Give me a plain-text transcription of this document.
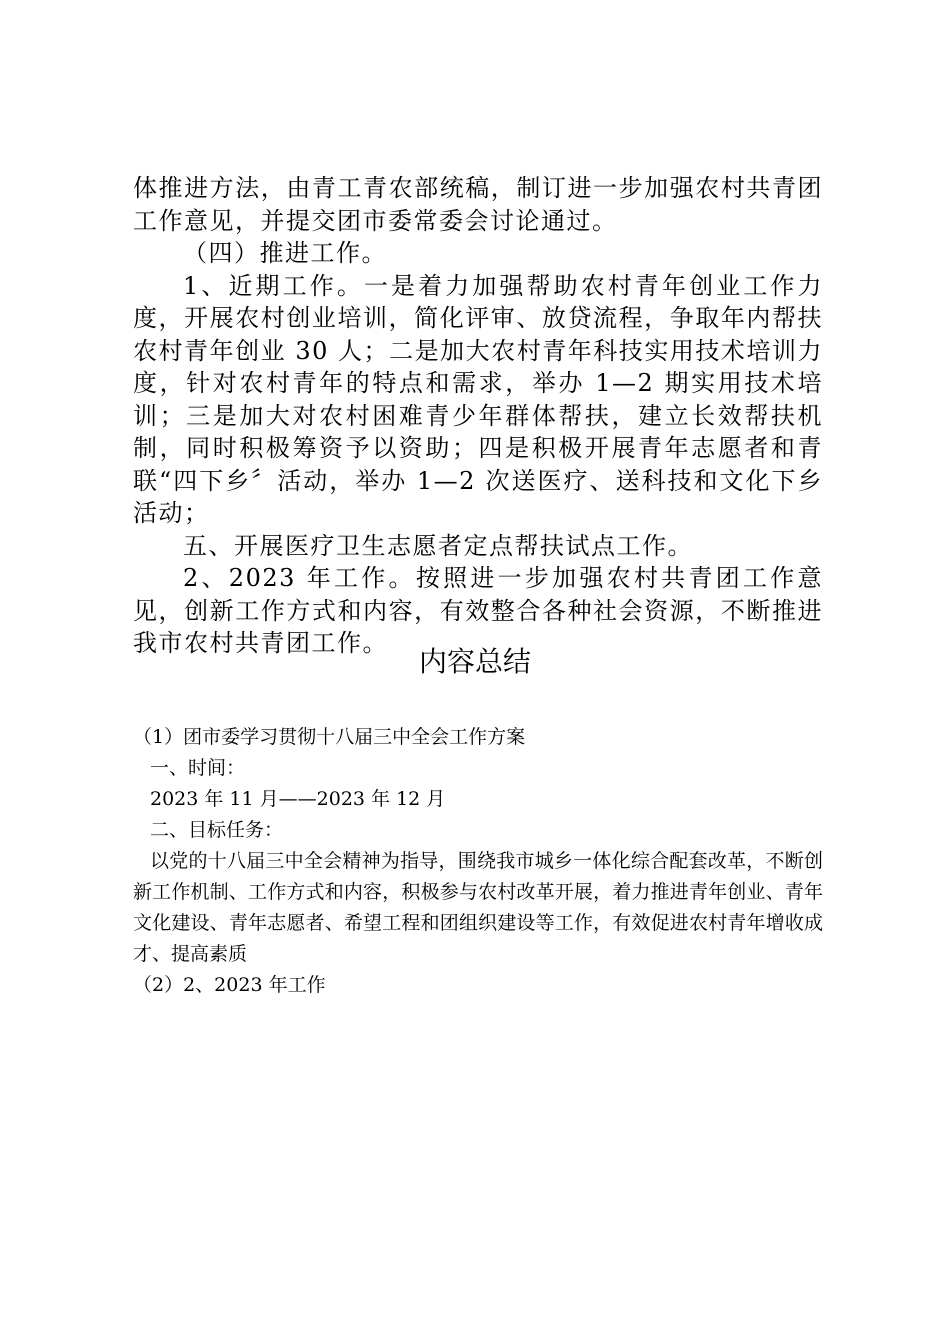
体推进方法，由青工青农部统稿，制订进一步加强农村共青团工作意见，并提交团市委常委会讨论通过。

（四）推进工作。

1、近期工作。一是着力加强帮助农村青年创业工作力度，开展农村创业培训，简化评审、放贷流程，争取年内帮扶农村青年创业 30 人；二是加大农村青年科技实用技术培训力度，针对农村青年的特点和需求，举办 1—2 期实用技术培训；三是加大对农村困难青少年群体帮扶，建立长效帮扶机制，同时积极筹资予以资助；四是积极开展青年志愿者和青联“四下乡〞活动，举办 1—2 次送医疗、送科技和文化下乡活动；

五、开展医疗卫生志愿者定点帮扶试点工作。

2、2023 年工作。按照进一步加强农村共青团工作意见，创新工作方式和内容，有效整合各种社会资源，不断推进我市农村共青团工作。

内容总结

（1）团市委学习贯彻十八届三中全会工作方案

一、时间：

2023 年 11 月——2023 年 12 月

二、目标任务：

以党的十八届三中全会精神为指导，围绕我市城乡一体化综合配套改革，不断创新工作机制、工作方式和内容，积极参与农村改革开展，着力推进青年创业、青年文化建设、青年志愿者、希望工程和团组织建设等工作，有效促进农村青年增收成才、提高素质

（2）2、2023 年工作
